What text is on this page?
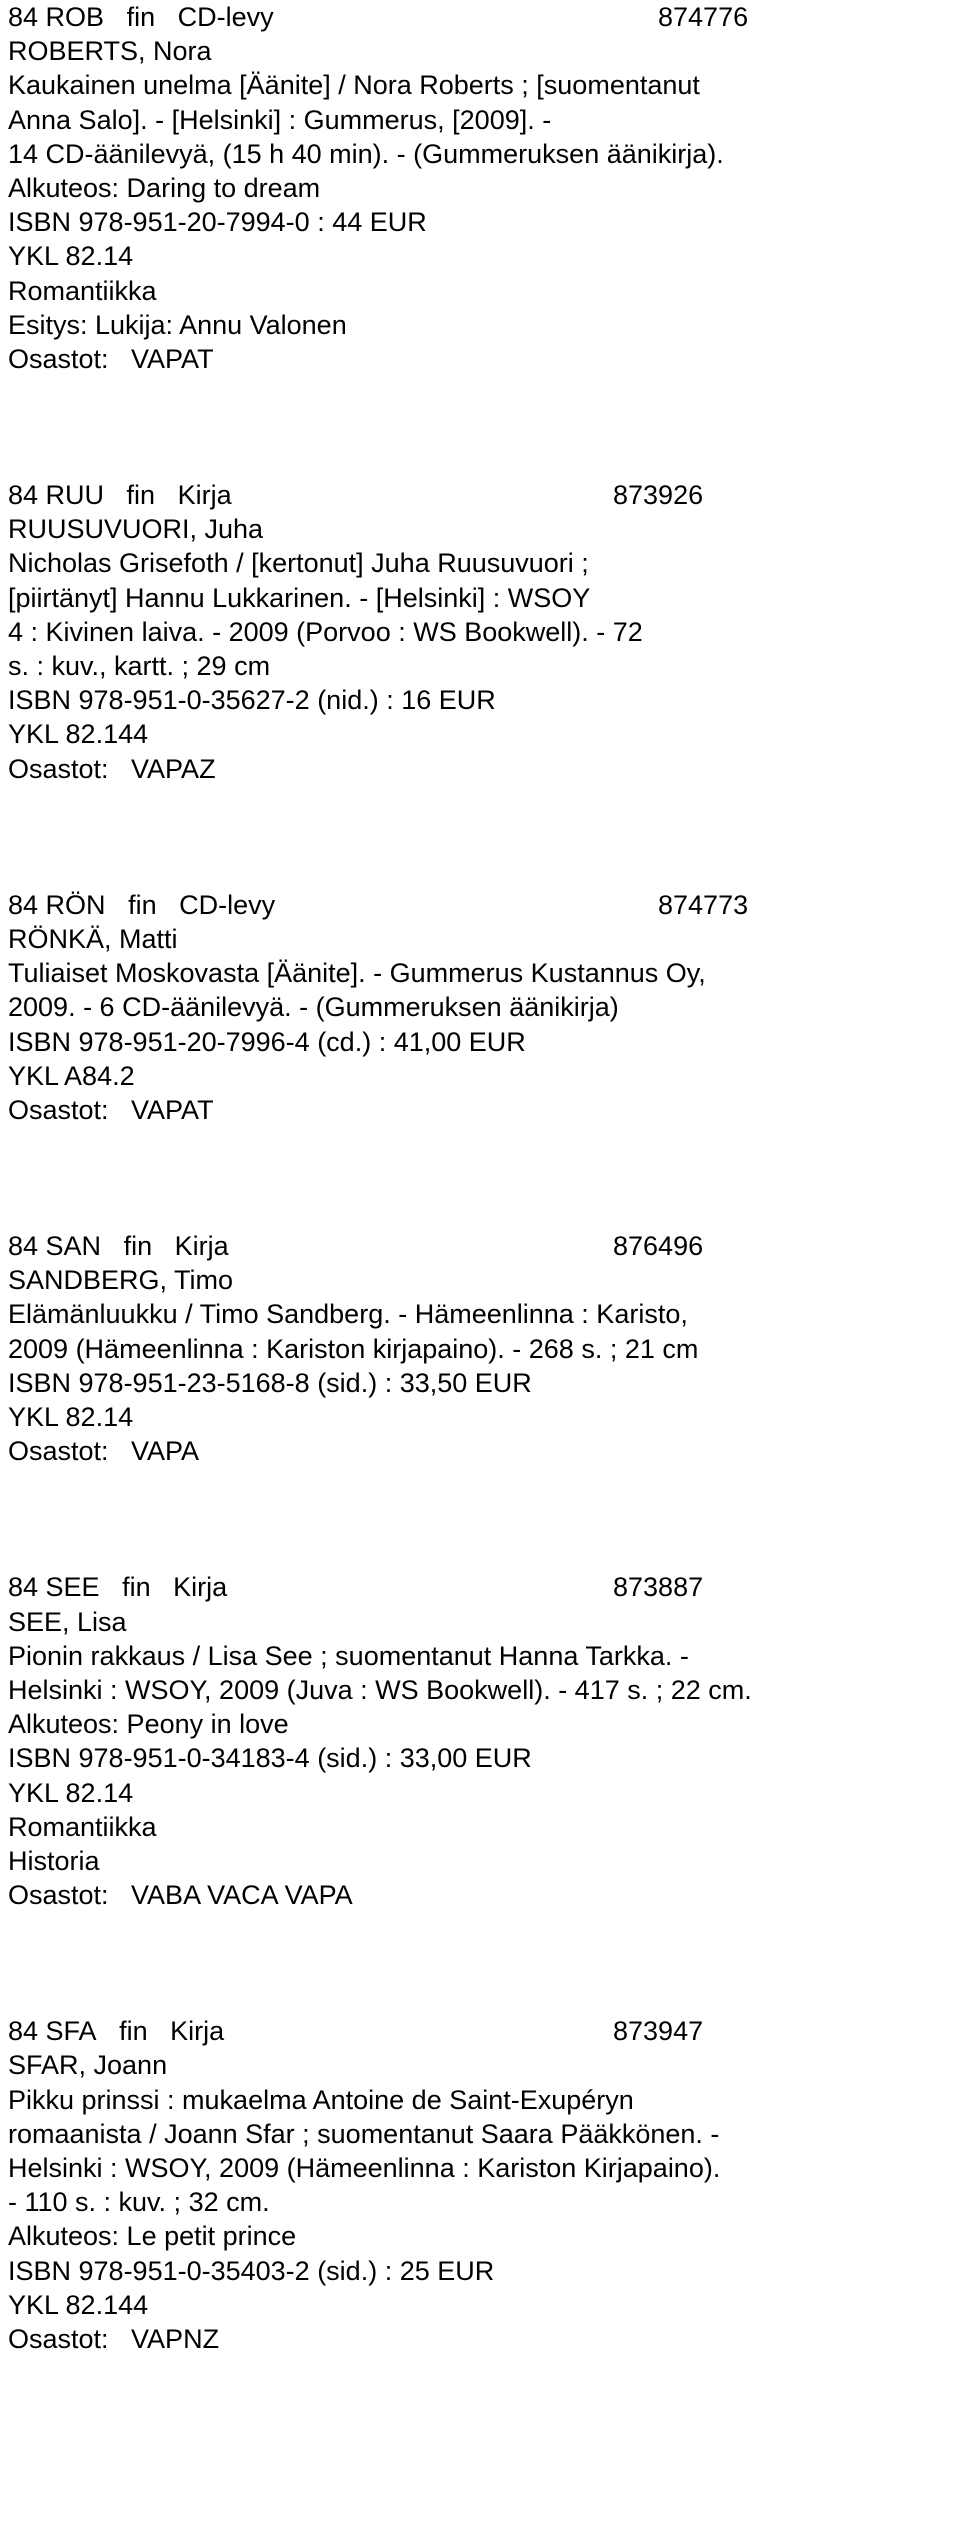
84 ROB fin CD-levy	874776
ROBERTS, Nora
Kaukainen unelma [Äänite] / Nora Roberts ; [suomentanut
Anna Salo]. - [Helsinki] : Gummerus, [2009]. -
14 CD-äänilevyä, (15 h 40 min). - (Gummeruksen äänikirja).
Alkuteos: Daring to dream
ISBN 978-951-20-7994-0 : 44 EUR
YKL 82.14
Romantiikka
Esitys: Lukija: Annu Valonen
Osastot:   VAPAT
84 RUU fin Kirja	873926
RUUSUVUORI, Juha
Nicholas Grisefoth / [kertonut] Juha Ruusuvuori ;
[piirtänyt] Hannu Lukkarinen. - [Helsinki] : WSOY
4 : Kivinen laiva. - 2009 (Porvoo : WS Bookwell). - 72
s. : kuv., kartt. ; 29 cm
ISBN 978-951-0-35627-2 (nid.) : 16 EUR
YKL 82.144
Osastot:   VAPAZ
84 RÖN fin CD-levy	874773
RÖNKÄ, Matti
Tuliaiset Moskovasta [Äänite]. - Gummerus Kustannus Oy,
2009. - 6 CD-äänilevyä. - (Gummeruksen äänikirja)
ISBN 978-951-20-7996-4 (cd.) : 41,00 EUR
YKL A84.2
Osastot:   VAPAT
84 SAN fin Kirja	876496
SANDBERG, Timo
Elämänluukku / Timo Sandberg. - Hämeenlinna : Karisto,
2009 (Hämeenlinna : Kariston kirjapaino). - 268 s. ; 21 cm
ISBN 978-951-23-5168-8 (sid.) : 33,50 EUR
YKL 82.14
Osastot:   VAPA
84 SEE fin Kirja	873887
SEE, Lisa
Pionin rakkaus / Lisa See ; suomentanut Hanna Tarkka. -
Helsinki : WSOY, 2009 (Juva : WS Bookwell). - 417 s. ; 22 cm.
Alkuteos: Peony in love
ISBN 978-951-0-34183-4 (sid.) : 33,00 EUR
YKL 82.14
Romantiikka
Historia
Osastot:   VABA VACA VAPA
84 SFA fin Kirja	873947
SFAR, Joann
Pikku prinssi : mukaelma Antoine de Saint-Exupéryn
romaanista / Joann Sfar ; suomentanut Saara Pääkkönen. -
Helsinki : WSOY, 2009 (Hämeenlinna : Kariston Kirjapaino).
- 110 s. : kuv. ; 32 cm.
Alkuteos: Le petit prince
ISBN 978-951-0-35403-2 (sid.) : 25 EUR
YKL 82.144
Osastot:   VAPNZ
